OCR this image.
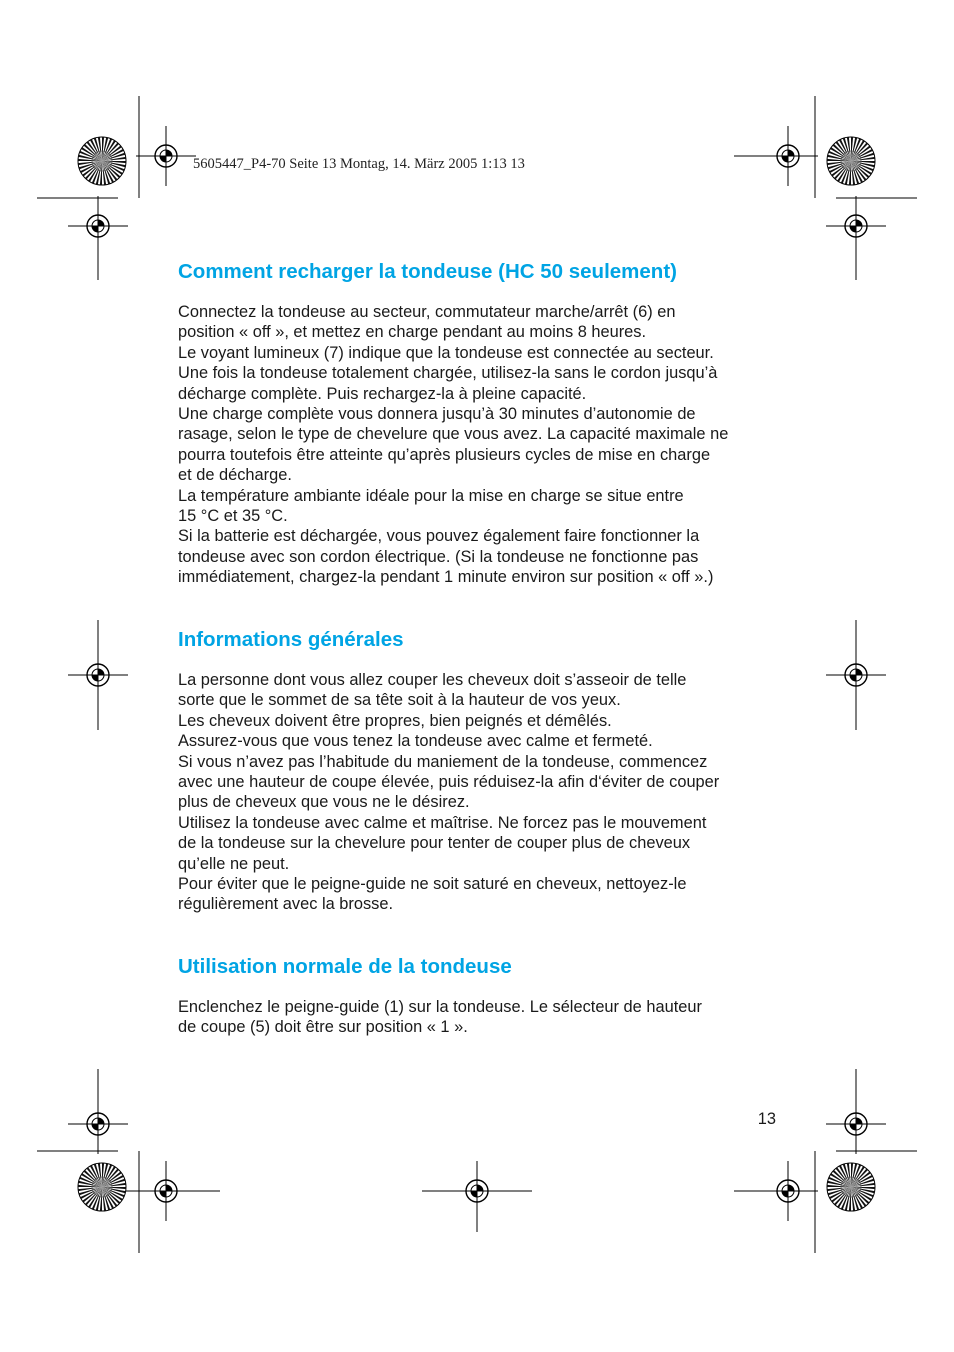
5605447_P4-70 Seite 13 Montag, 14. März 2005 1:13 13
Comment recharger la tondeuse (HC 50 seulement)

Connectez la tondeuse au secteur, commutateur marche/arrêt (6) en

position « off », et mettez en charge pendant au moins 8 heures.

Le voyant lumineux (7) indique que la tondeuse est connectée au secteur.

Une fois la tondeuse totalement chargée, utilisez-la sans le cordon jusqu’à

décharge complète. Puis rechargez-la à pleine capacité.

Une charge complète vous donnera jusqu’à 30 minutes d’autonomie de

rasage, selon le type de chevelure que vous avez. La capacité maximale ne

pourra toutefois être atteinte qu’après plusieurs cycles de mise en charge

et de décharge.

La température ambiante idéale pour la mise en charge se situe entre

15 °C et 35 °C.

Si la batterie est déchargée, vous pouvez également faire fonctionner la

tondeuse avec son cordon électrique. (Si la tondeuse ne fonctionne pas

immédiatement, chargez-la pendant 1 minute environ sur position « off ».)

Informations générales

La personne dont vous allez couper les cheveux doit s’asseoir de telle

sorte que le sommet de sa tête soit à la hauteur de vos yeux.

Les cheveux doivent être propres, bien peignés et démêlés.

Assurez-vous que vous tenez la tondeuse avec calme et fermeté.

Si vous n’avez pas l’habitude du maniement de la tondeuse, commencez

avec une hauteur de coupe élevée, puis réduisez-la afin d‘éviter de couper

plus de cheveux que vous ne le désirez.

Utilisez la tondeuse avec calme et maîtrise. Ne forcez pas le mouvement

de la tondeuse sur la chevelure pour tenter de couper plus de cheveux

qu’elle ne peut.

Pour éviter que le peigne-guide ne soit saturé en cheveux, nettoyez-le

régulièrement avec la brosse.

Utilisation normale de la tondeuse

Enclenchez le peigne-guide (1) sur la tondeuse. Le sélecteur de hauteur

de coupe (5) doit être sur position « 1 ».

13
